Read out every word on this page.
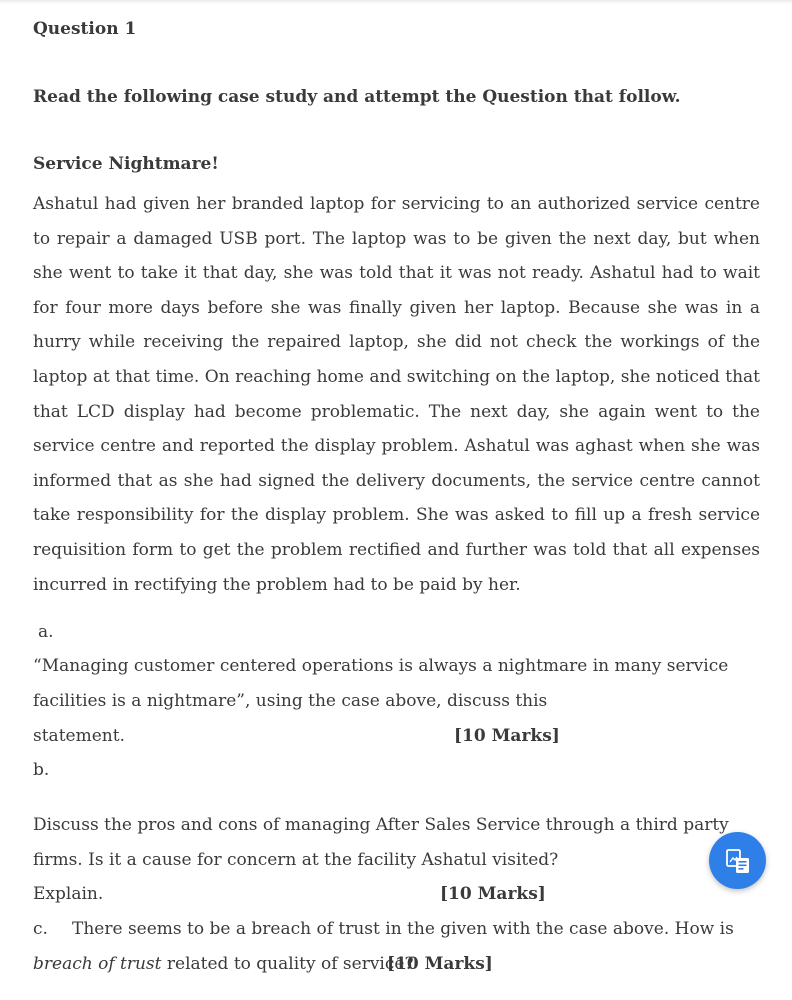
Question 1
Read the following case study and attempt the Question that follow.
Service Nightmare!
Ashatul had given her branded laptop for servicing to an authorized service centre to repair a damaged USB port. The laptop was to be given the next day, but when she went to take it that day, she was told that it was not ready. Ashatul had to wait for four more days before she was finally given her laptop. Because she was in a hurry while receiving the repaired laptop, she did not check the workings of the laptop at that time. On reaching home and switching on the laptop, she noticed that that LCD display had become problematic. The next day, she again went to the service centre and reported the display problem. Ashatul was aghast when she was informed that as she had signed the delivery documents, the service centre cannot take responsibility for the display problem. She was asked to fill up a fresh service requisition form to get the problem rectified and further was told that all expenses incurred in rectifying the problem had to be paid by her.
a.
“Managing customer centered operations is always a nightmare in many service facilities is a nightmare”, using the case above, discuss this
statement.	[10 Marks]
b.
Discuss the pros and cons of managing After Sales Service through a third party firms. Is it a cause for concern at the facility Ashatul visited?
Explain.	[10 Marks]
c.	There seems to be a breach of trust in the given with the case above. How is breach of trust related to quality of service?
[10 Marks]
